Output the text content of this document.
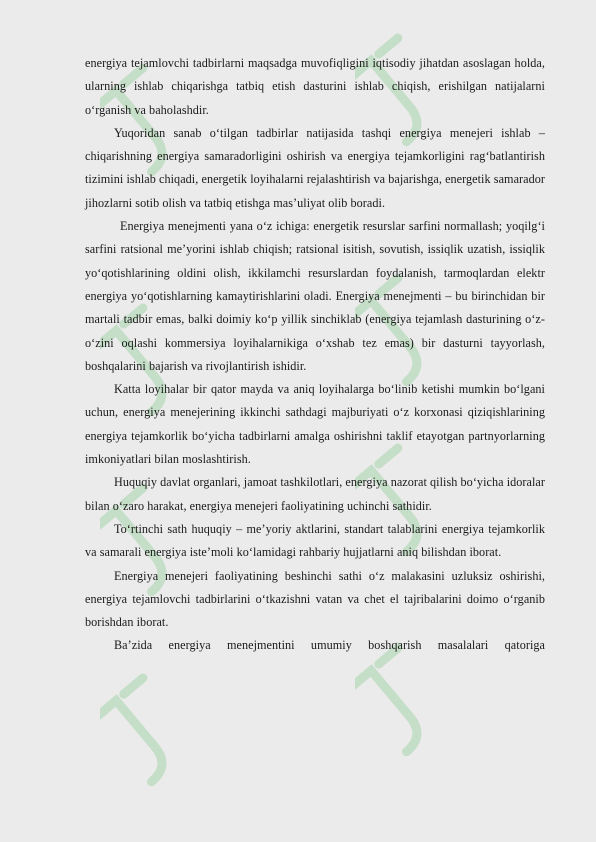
energiya tejamlovchi tadbirlarni maqsadga muvofiqligini iqtisodiy jihatdan asoslagan holda, ularning ishlab chiqarishga tatbiq etish dasturini ishlab chiqish, erishilgan natijalarni o‘rganish va baholashdir.

Yuqoridan sanab o‘tilgan tadbirlar natijasida tashqi energiya menejeri ishlab – chiqarishning energiya samaradorligini oshirish va energiya tejamkorligini rag‘batlantirish tizimini ishlab chiqadi, energetik loyihalarni rejalashtirish va bajarishga, energetik samarador jihozlarni sotib olish va tatbiq etishga mas’uliyat olib boradi.

Energiya menejmenti yana o‘z ichiga: energetik resurslar sarfini normallash; yoqilg‘i sarfini ratsional me’yorini ishlab chiqish; ratsional isitish, sovutish, issiqlik uzatish, issiqlik yo‘qotishlarining oldini olish, ikkilamchi resurslardan foydalanish, tarmoqlardan elektr energiya yo‘qotishlarning kamaytirishlarini oladi. Energiya menejmenti – bu birinchidan bir martali tadbir emas, balki doimiy ko‘p yillik sinchiklab (energiya tejamlash dasturining o‘z-o‘zini oqlashi kommersiya loyihalarnikiga o‘xshab tez emas) bir dasturni tayyorlash, boshqalarini bajarish va rivojlantirish ishidir.

Katta loyihalar bir qator mayda va aniq loyihalarga bo‘linib ketishi mumkin bo‘lgani uchun, energiya menejerining ikkinchi sathdagi majburiyati o‘z korxonasi qiziqishlarining energiya tejamkorlik bo‘yicha tadbirlarni amalga oshirishni taklif etayotgan partnyorlarning imkoniyatlari bilan moslashtirish.

Huquqiy davlat organlari, jamoat tashkilotlari, energiya nazorat qilish bo‘yicha idoralar bilan o‘zaro harakat, energiya menejeri faoliyatining uchinchi sathidir.

To‘rtinchi sath huquqiy – me’yoriy aktlarini, standart talablarini energiya tejamkorlik va samarali energiya iste’moli ko‘lamidagi rahbariy hujjatlarni aniq bilishdan iborat.

Energiya menejeri faoliyatining beshinchi sathi o‘z malakasini uzluksiz oshirishi, energiya tejamlovchi tadbirlarini o‘tkazishni vatan va chet el tajribalarini doimo o‘rganib borishdan iborat.

Ba’zida energiya menejmentini umumiy boshqarish masalalari qatoriga
